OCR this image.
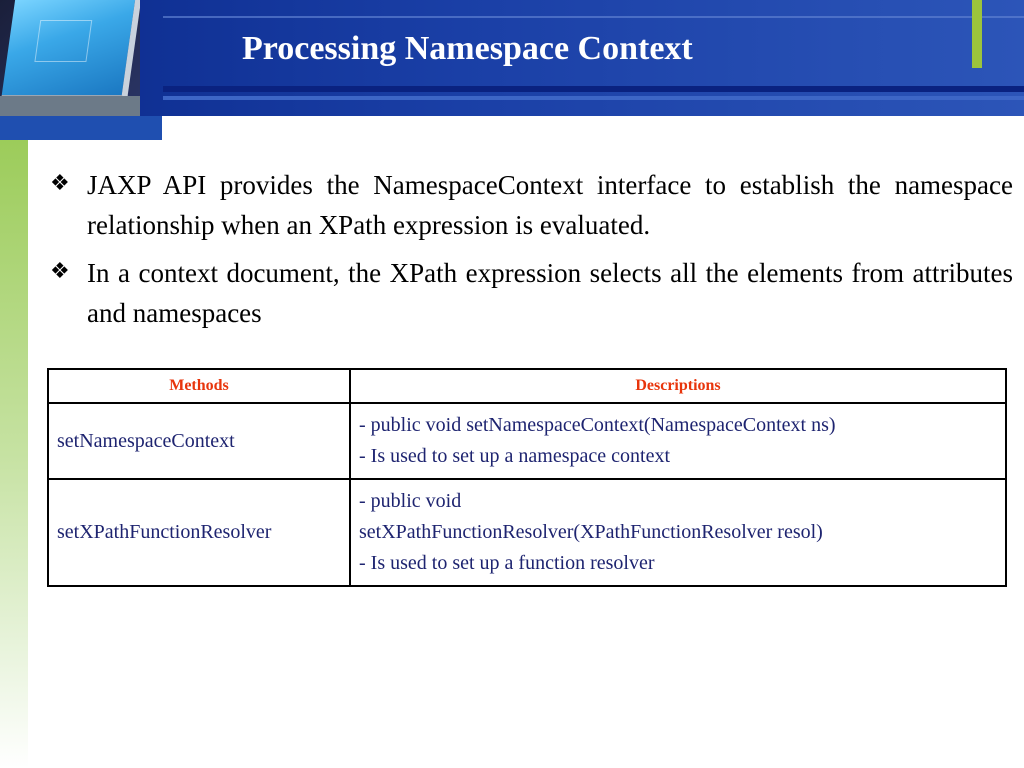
Processing Namespace Context
❖ JAXP API provides the NamespaceContext interface to establish the namespace relationship when an XPath expression is evaluated.
❖ In a context document, the XPath expression selects all the elements from attributes and namespaces
Methods	Descriptions
setNamespaceContext	- public void setNamespaceContext(NamespaceContext ns)
- Is used to set up a namespace context

setXPathFunctionResolver	- public void
setXPathFunctionResolver(XPathFunctionResolver resol)
- Is used to set up a function resolver
